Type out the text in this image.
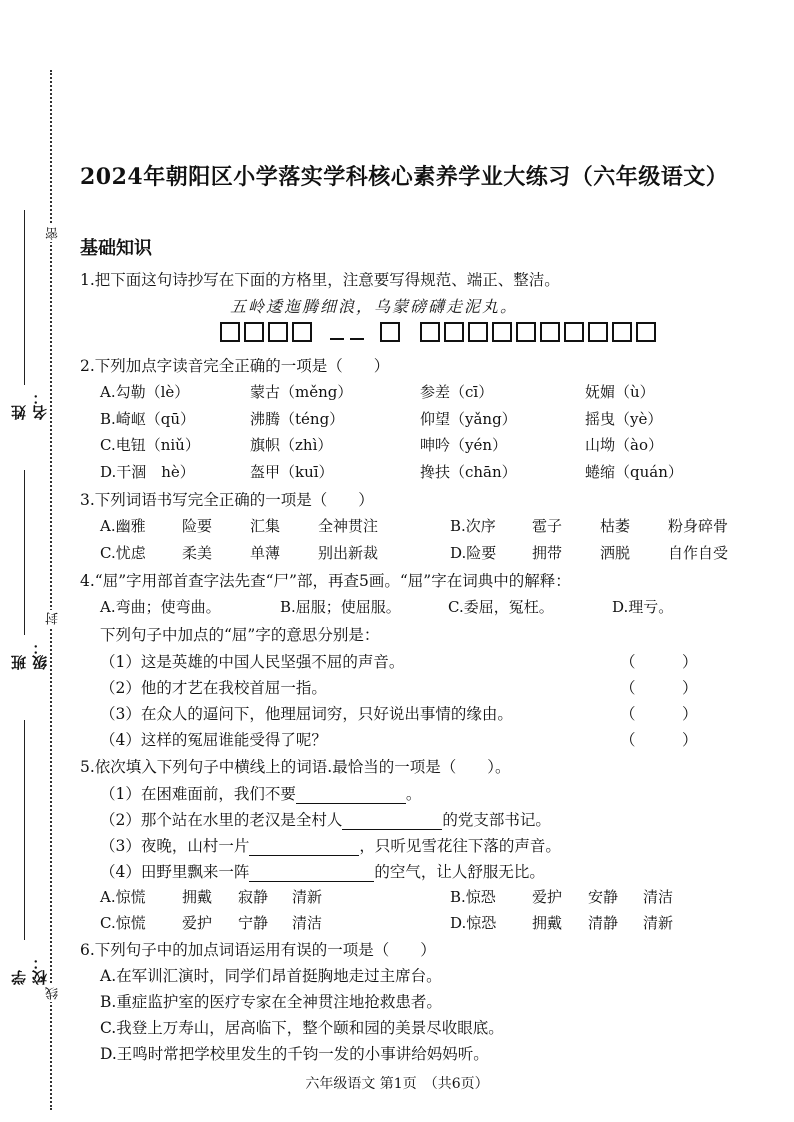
姓名：
班级：
学校：
密
封
线
2024年朝阳区小学落实学科核心素养学业大练习（六年级语文）
基础知识
1.把下面这句诗抄写在下面的方格里，注意要写得规范、端正、整洁。
五岭逶迤腾细浪，乌蒙磅礴走泥丸。
2.下列加点字读音完全正确的一项是（　　）
A.勾勒（lè）	蒙古（měng）	参差（cī）	妩媚（ù）
B.崎岖（qū）	沸腾（téng）	仰望（yǎng）	摇曳（yè）
C.电钮（niǔ）	旗帜（zhì）	呻吟（yén）	山坳（ào）
D.干涸　hè）	盔甲（kuī）	搀扶（chān）	蜷缩（quán）
3.下列词语书写完全正确的一项是（　　）
A.幽雅 险要	汇集	全神贯注	B.次序 雹子	枯萎	粉身碎骨
C.忧虑 柔美	单薄	别出新裁	D.险要 拥带	洒脱	自作自受
4.“屈”字用部首查字法先查“尸”部，再查5画。“屈”字在词典中的解释：
A.弯曲；使弯曲。	B.屈服；使屈服。	C.委屈，冤枉。	D.理亏。
下列句子中加点的“屈”字的意思分别是：
（1）这是英雄的中国人民坚强不屈的声音。	（　　　）
（2）他的才艺在我校首屈一指。	（　　　）
（3）在众人的逼问下，他理屈词穷，只好说出事情的缘由。	（　　　）
（4）这样的冤屈谁能受得了呢？	（　　　）
5.依次填入下列句子中横线上的词语.最恰当的一项是（　　）。
（1）在困难面前，我们不要	。
（2）那个站在水里的老汉是全村人	的党支部书记。
（3）夜晚，山村一片	，只听见雪花往下落的声音。
（4）田野里飘来一阵	的空气，让人舒服无比。
A.惊慌 拥戴 寂静 清新	B.惊恐 爱护 安静 清洁
C.惊慌 爱护 宁静 清洁	D.惊恐 拥戴 清静 清新
6.下列句子中的加点词语运用有误的一项是（　　）
A.在军训汇演时，同学们昂首挺胸地走过主席台。
B.重症监护室的医疗专家在全神贯注地抢救患者。
C.我登上万寿山，居高临下，整个颐和园的美景尽收眼底。
D.王鸣时常把学校里发生的千钧一发的小事讲给妈妈听。
六年级语文 第1页　（共6页）
